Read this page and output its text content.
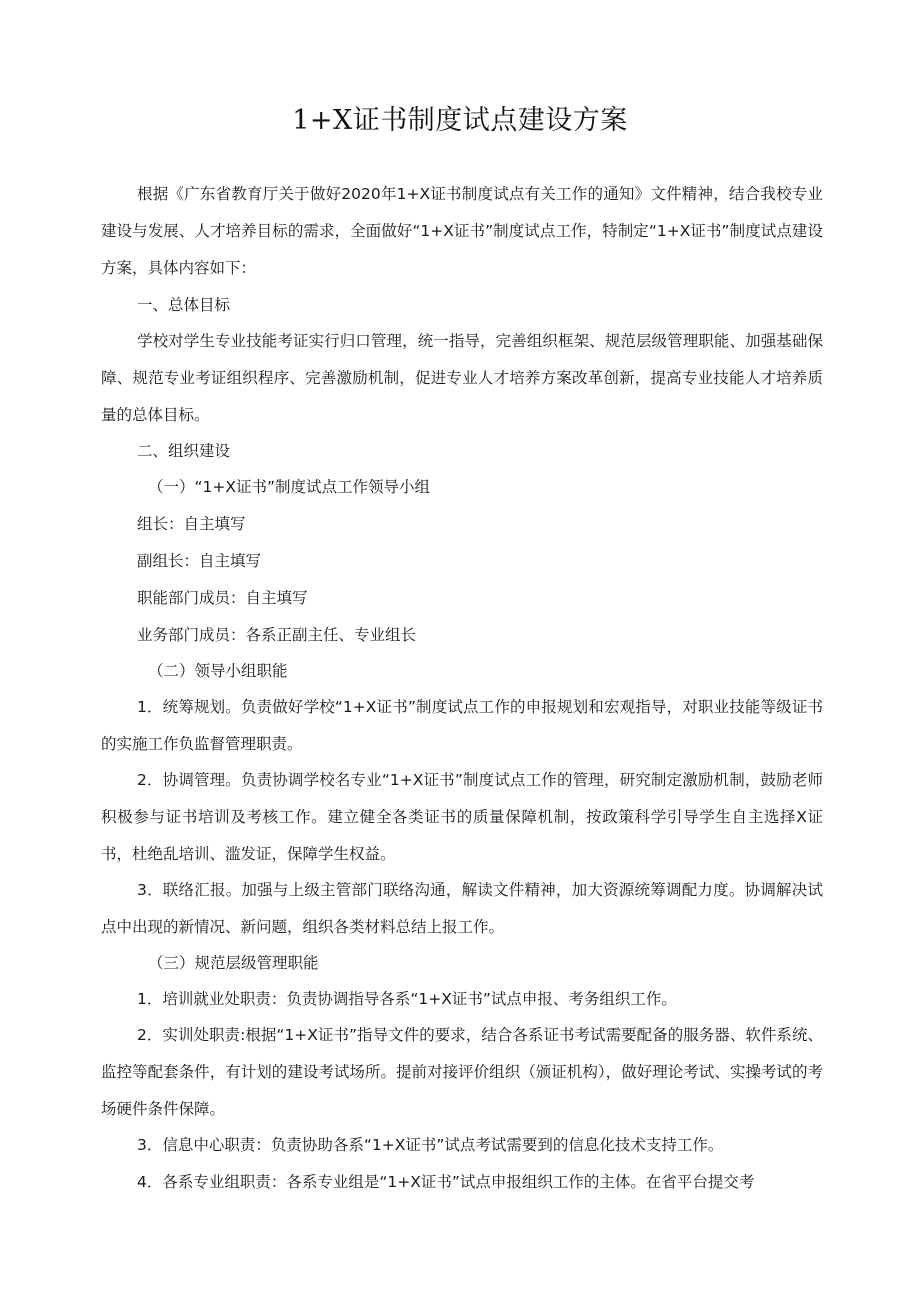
1+X证书制度试点建设方案

根据《广东省教育厅关于做好2020年1+X证书制度试点有关工作的通知》文件精神，结合我校专业建设与发展、人才培养目标的需求，全面做好“1+X证书”制度试点工作，特制定“1+X证书”制度试点建设方案，具体内容如下：

一、总体目标

学校对学生专业技能考证实行归口管理，统一指导，完善组织框架、规范层级管理职能、加强基础保障、规范专业考证组织程序、完善激励机制，促进专业人才培养方案改革创新，提高专业技能人才培养质量的总体目标。

二、组织建设

（一）“1+X证书”制度试点工作领导小组

组长：自主填写

副组长：自主填写

职能部门成员：自主填写

业务部门成员：各系正副主任、专业组长

（二）领导小组职能

1．统筹规划。负责做好学校“1+X证书”制度试点工作的申报规划和宏观指导，对职业技能等级证书的实施工作负监督管理职责。

2．协调管理。负责协调学校名专业“1+X证书”制度试点工作的管理，研究制定激励机制，鼓励老师积极参与证书培训及考核工作。建立健全各类证书的质量保障机制，按政策科学引导学生自主选择X证书，杜绝乱培训、滥发证，保障学生权益。

3．联络汇报。加强与上级主管部门联络沟通，解读文件精神，加大资源统筹调配力度。协调解决试点中出现的新情况、新问题，组织各类材料总结上报工作。

（三）规范层级管理职能

1．培训就业处职责：负责协调指导各系“1+X证书”试点申报、考务组织工作。

2．实训处职责:根据“1+X证书”指导文件的要求，结合各系证书考试需要配备的服务器、软件系统、监控等配套条件，有计划的建设考试场所。提前对接评价组织（颁证机构），做好理论考试、实操考试的考场硬件条件保障。

3．信息中心职责：负责协助各系“1+X证书”试点考试需要到的信息化技术支持工作。

4．各系专业组职责：各系专业组是“1+X证书”试点申报组织工作的主体。在省平台提交考
